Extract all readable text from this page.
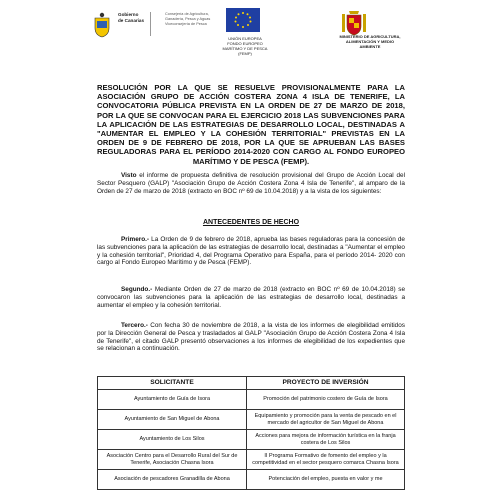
Gobierno
de Canarias
Consejería de Agricultura,
Ganadería, Pesca y Aguas
Viceconsejería de Pesca
UNIÓN EUROPEA
FONDO EUROPEO
MARÍTIMO Y DE PESCA
(FEMP)
MINISTERIO DE AGRICULTURA,
ALIMENTACIÓN Y MEDIO
AMBIENTE
RESOLUCIÓN POR LA QUE SE RESUELVE PROVISIONALMENTE PARA LA ASOCIACIÓN GRUPO DE ACCIÓN COSTERA ZONA 4 ISLA DE TENERIFE, LA CONVOCATORIA PÚBLICA PREVISTA EN LA ORDEN DE 27 DE MARZO DE 2018, POR LA QUE SE CONVOCAN PARA EL EJERCICIO 2018 LAS SUBVENCIONES PARA LA APLICACIÓN DE LAS ESTRATEGIAS DE DESARROLLO LOCAL, DESTINADAS A "AUMENTAR EL EMPLEO Y LA COHESIÓN TERRITORIAL" PREVISTAS EN LA ORDEN DE 9 DE FEBRERO DE 2018, POR LA QUE SE APRUEBAN LAS BASES REGULADORAS PARA EL PERÍODO 2014-2020 CON CARGO AL FONDO EUROPEO MARÍTIMO Y DE PESCA (FEMP).
Visto el informe de propuesta definitiva de resolución provisional del Grupo de Acción Local del Sector Pesquero (GALP) "Asociación Grupo de Acción Costera Zona 4 Isla de Tenerife", al amparo de la Orden de 27 de marzo de 2018 (extracto en BOC nº 69 de 10.04.2018) y a la vista de los siguientes:
ANTECEDENTES DE HECHO
Primero.- La Orden de 9 de febrero de 2018, aprueba las bases reguladoras para la concesión de las subvenciones para la aplicación de las estrategias de desarrollo local, destinadas a "Aumentar el empleo y la cohesión territorial", Prioridad 4, del Programa Operativo para España, para el período 2014- 2020 con cargo al Fondo Europeo Marítimo y de Pesca (FEMP).
Segundo.- Mediante Orden de 27 de marzo de 2018 (extracto en BOC nº 69 de 10.04.2018) se convocaron las subvenciones para la aplicación de las estrategias de desarrollo local, destinadas a aumentar el empleo y la cohesión territorial.
Tercero.- Con fecha 30 de noviembre de 2018, a la vista de los informes de elegibilidad emitidos por la Dirección General de Pesca y trasladados al GALP "Asociación Grupo de Acción Costera Zona 4 Isla de Tenerife", el citado GALP presentó observaciones a los informes de elegibilidad de los expedientes que se relacionan a continuación.
SOLICITANTE	PROYECTO DE INVERSIÓN
Ayuntamiento de Guía de Isora	Promoción del patrimonio costero de Guía de Isora
Ayuntamiento de San Miguel de Abona	Equipamiento y promoción para la venta de pescado en el mercado del agricultor de San Miguel de Abona
Ayuntamiento de Los Silos	Acciones para mejora de información turística en la franja costera de Los Silos
Asociación Centro para el Desarrollo Rural del Sur de Tenerife, Asociación Chasna Isora	II Programa Formativo de fomento del empleo y la competitividad en el sector pesquero comarca Chasna Isora
Asociación de pescadores Granadilla de Abona	Potenciación del empleo, puesta en valor y me
